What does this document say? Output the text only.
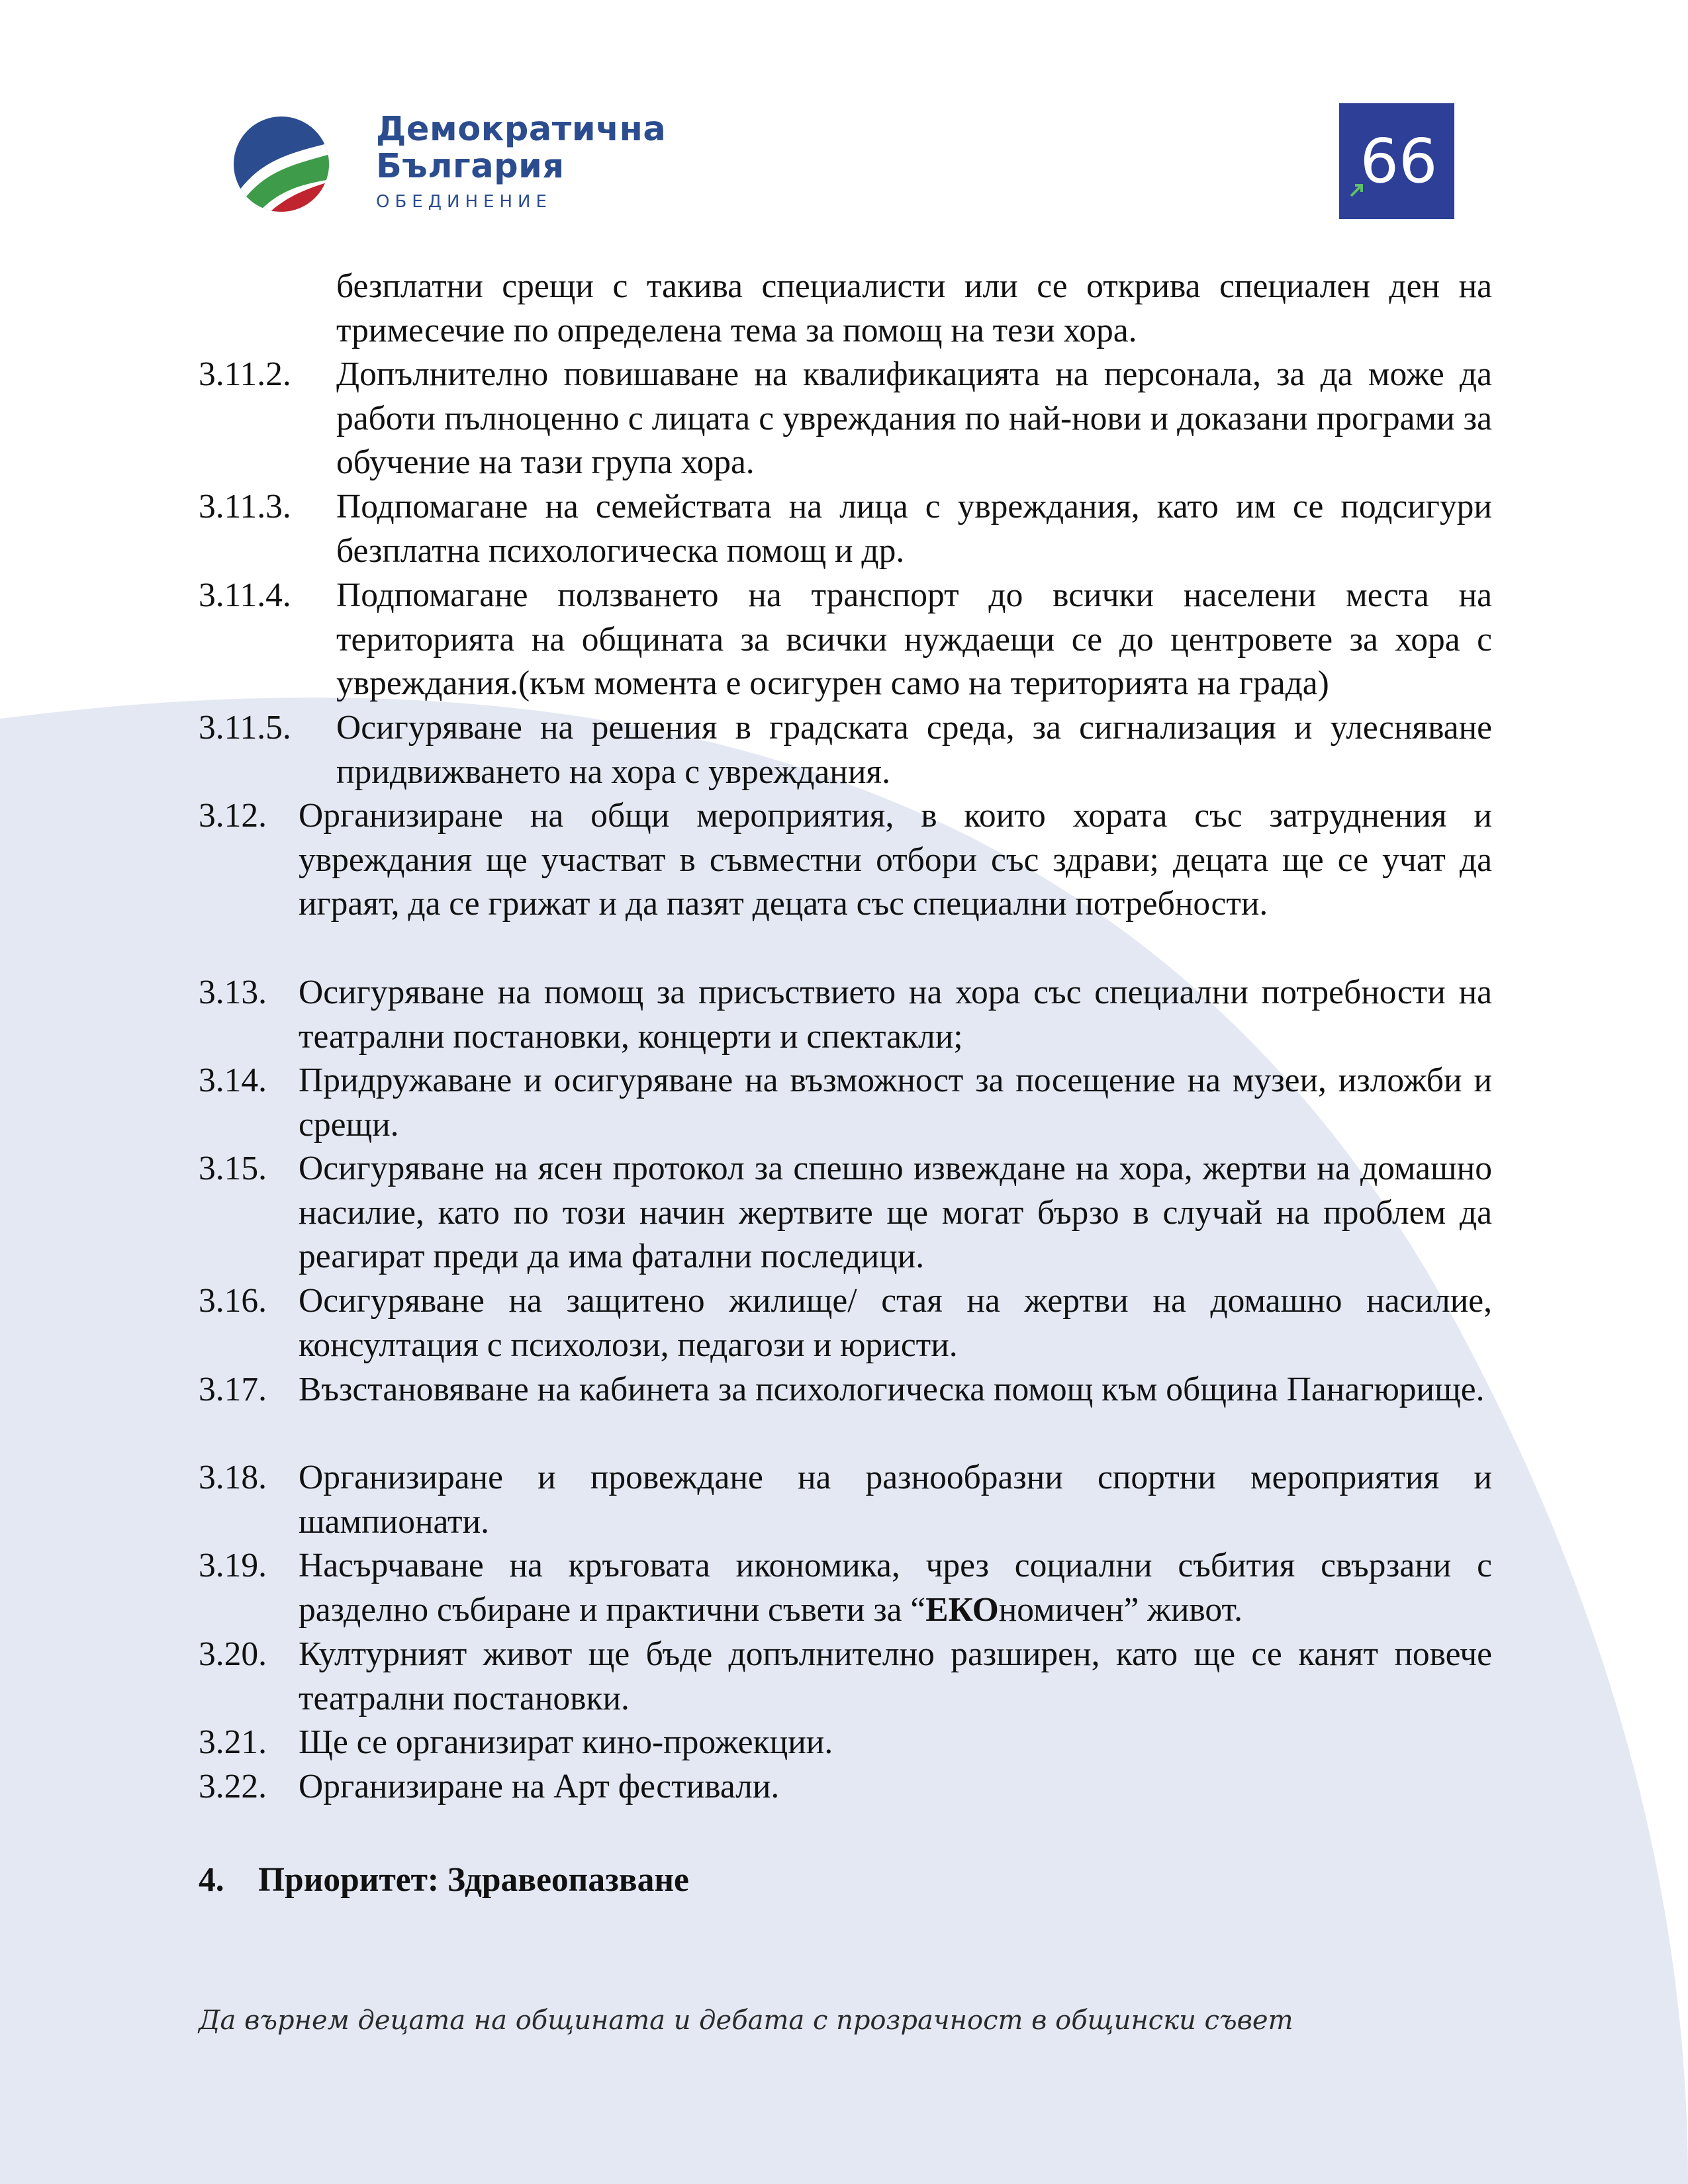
Демократична
България
ОБЕДИНЕНИЕ
66
безплатни срещи с такива специалисти или се открива специален ден на тримесечие по определена тема за помощ на тези хора.
3.11.2. Допълнително повишаване на квалификацията на персонала, за да може да работи пълноценно с лицата с увреждания по най-нови и доказани програми за обучение на тази група хора.
3.11.3. Подпомагане на семействата на лица с увреждания, като им се подсигури безплатна психологическа помощ и др.
3.11.4. Подпомагане ползването на транспорт до всички населени места на територията на общината за всички нуждаещи се до центровете за хора с увреждания.(към момента е осигурен само на територията на града)
3.11.5. Осигуряване на решения в градската среда, за сигнализация и улесняване придвижването на хора с увреждания.
3.12. Организиране на общи мероприятия, в които хората със затруднения и увреждания ще участват в съвместни отбори със здрави; децата ще се учат да играят, да се грижат и да пазят децата със специални потребности.
3.13. Осигуряване на помощ за присъствието на хора със специални потребности на театрални постановки, концерти и спектакли;
3.14. Придружаване и осигуряване на възможност за посещение на музеи, изложби и срещи.
3.15. Осигуряване на ясен протокол за спешно извеждане на хора, жертви на домашно насилие, като по този начин жертвите ще могат бързо в случай на проблем да реагират преди да има фатални последици.
3.16. Осигуряване на защитено жилище/ стая на жертви на домашно насилие, консултация с психолози, педагози и юристи.
3.17. Възстановяване на кабинета за психологическа помощ към община Панагюрище.
3.18. Организиране и провеждане на разнообразни спортни мероприятия и шампионати.
3.19. Насърчаване на кръговата икономика, чрез социални събития свързани с разделно събиране и практични съвети за “ЕКОномичен” живот.
3.20. Културният живот ще бъде допълнително разширен, като ще се канят повече театрални постановки.
3.21. Ще се организират кино-прожекции.
3.22. Организиране на Арт фестивали.
4. Приоритет: Здравеопазване
Да върнем децата на общината и дебата с прозрачност в общински съвет
